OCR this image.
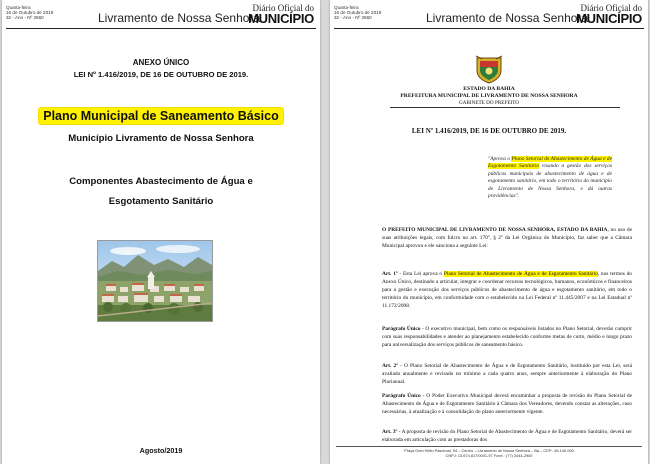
Quarta-feira
16 de Outubro de 2019
32 - Ano - Nº 2660	Livramento de Nossa Senhora
Diário Oficial do
MUNICÍPIO
ANEXO ÚNICO
LEI Nº 1.416/2019, DE 16 DE OUTUBRO DE 2019.
Plano Municipal de Saneamento Básico
Município Livramento de Nossa Senhora
Componentes Abastecimento de Água e
Esgotamento Sanitário
Agosto/2019
Quarta-feira
16 de Outubro de 2019
32 - Ano - Nº 2660	Livramento de Nossa Senhora
Diário Oficial do
MUNICÍPIO
ESTADO DA BAHIA
PREFEITURA MUNICIPAL DE LIVRAMENTO DE NOSSA SENHORA
GABINETE DO PREFEITO
LEI Nº 1.416/2019, DE 16 DE OUTUBRO DE 2019.
"Aprova o Plano Setorial de Abastecimento de Água e de Esgotamento Sanitário visando a gestão dos serviços públicos municipais de abastecimento de água e de esgotamento sanitário, em todo o território do município de Livramento de Nossa Senhora, e dá outras providências".
O PREFEITO MUNICIPAL DE LIVRAMENTO DE NOSSA SENHORA, ESTADO DA BAHIA, no uso de suas atribuições legais, com fulcro no art. 170º, § 2º da Lei Orgânica do Município, faz saber que a Câmara Municipal aprovou e ele sanciona a seguinte Lei:
Art. 1º - Esta Lei aprova o Plano Setorial de Abastecimento de Água e de Esgotamento Sanitário, nos termos do Anexo Único, destinado a articular, integrar e coordenar recursos tecnológicos, humanos, econômicos e financeiros para a gestão e execução dos serviços públicos de abastecimento de água e esgotamento sanitário, em todo o território do município, em conformidade com o estabelecido na Lei Federal nº 11.445/2007 e na Lei Estadual nº 11.172/2008.
Parágrafo Único - O executivo municipal, bem como os responsáveis listados no Plano Setorial, deverão cumprir com suas responsabilidades e atender ao planejamento estabelecido conforme metas de curto, médio e longo prazo para universalização dos serviços públicos de saneamento básico.
Art. 2º - O Plano Setorial de Abastecimento de Água e de Esgotamento Sanitário, instituído por esta Lei, será avaliado anualmente e revisado no mínimo a cada quatro anos, sempre anteriormente à elaboração do Plano Plurianual.
Parágrafo Único - O Poder Executivo Municipal deverá encaminhar a proposta de revisão do Plano Setorial de Abastecimento de Água e de Esgotamento Sanitário à Câmara dos Vereadores, devendo constar as alterações, caso necessárias, à atualização e à consolidação do plano anteriormente vigente.
Art. 3º - A proposta de revisão do Plano Setorial de Abastecimento de Água e de Esgotamento Sanitário, deverá ser elaborada em articulação com as prestadoras dos
Praça Dom Hélio Paschoal, 94 – Centro – Livramento de Nossa Senhora – Ba – CEP.: 46.140-000
CNPJ: 13.674.817/0001-97 Fone.: (77) 3444-2900
